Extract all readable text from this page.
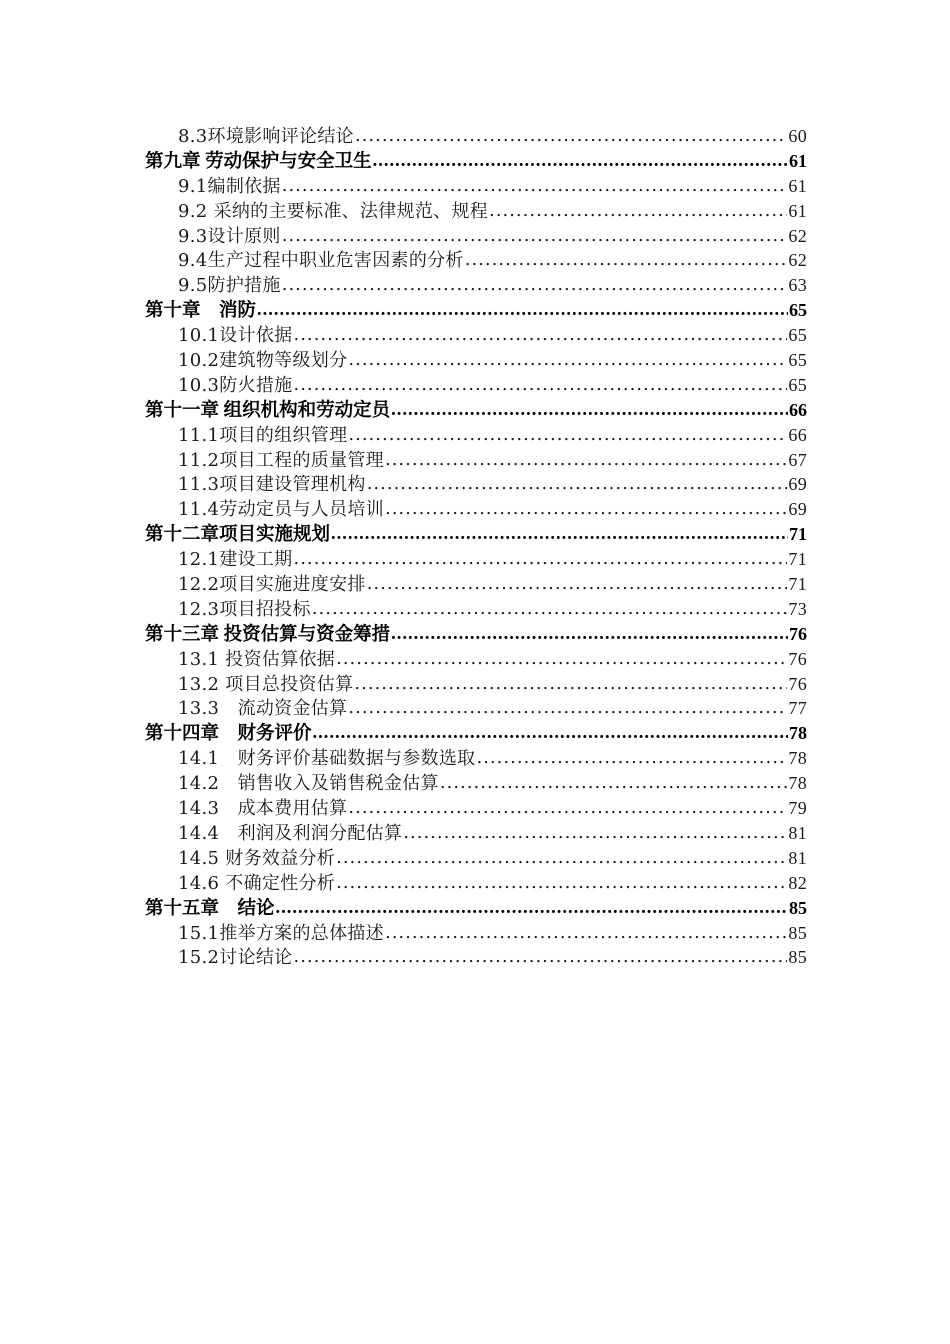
8.3环境影响评论结论 .....	60
第九章 劳动保护与安全卫生 .....	61
9.1编制依据 .....	61
9.2 采纳的主要标准、法律规范、规程 .....	61
9.3设计原则 .....	62
9.4生产过程中职业危害因素的分析 .....	62
9.5防护措施 .....	63
第十章　消防 .....	65
10.1设计依据 .....	65
10.2建筑物等级划分 .....	65
10.3防火措施 .....	65
第十一章 组织机构和劳动定员 .....	66
11.1项目的组织管理 .....	66
11.2项目工程的质量管理 .....	67
11.3项目建设管理机构 .....	69
11.4劳动定员与人员培训 .....	69
第十二章项目实施规划 .....	71
12.1建设工期 .....	71
12.2项目实施进度安排 .....	71
12.3项目招投标 .....	73
第十三章 投资估算与资金筹措 .....	76
13.1 投资估算依据 .....	76
13.2 项目总投资估算 .....	76
13.3　流动资金估算 .....	77
第十四章　财务评价 .....	78
14.1　财务评价基础数据与参数选取 .....	78
14.2　销售收入及销售税金估算 .....	78
14.3　成本费用估算 .....	79
14.4　利润及利润分配估算 .....	81
14.5 财务效益分析 .....	81
14.6 不确定性分析 .....	82
第十五章　结论 .....	85
15.1推举方案的总体描述 .....	85
15.2讨论结论 .....	85
